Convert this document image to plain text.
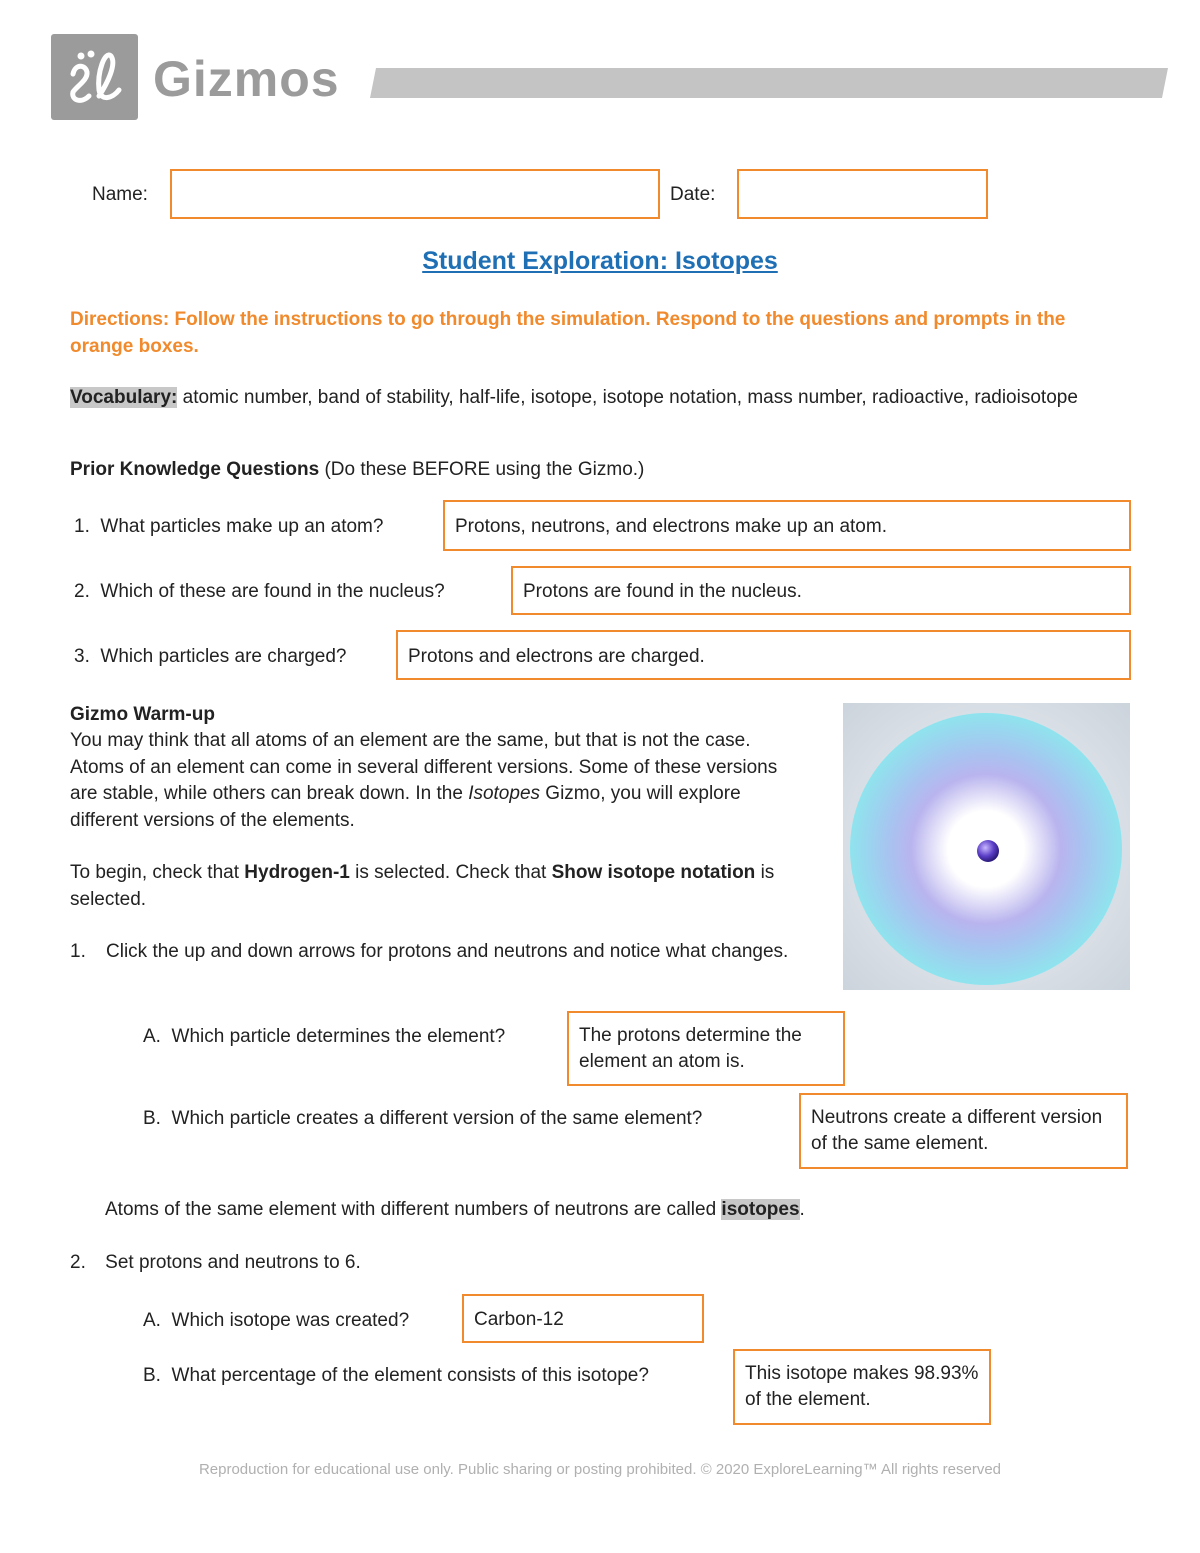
Gizmos
Name:	Date:
Student Exploration: Isotopes
Directions: Follow the instructions to go through the simulation. Respond to the questions and prompts in the orange boxes.
Vocabulary: atomic number, band of stability, half-life, isotope, isotope notation, mass number, radioactive, radioisotope
Prior Knowledge Questions (Do these BEFORE using the Gizmo.)
1. What particles make up an atom?	Protons, neutrons, and electrons make up an atom.
2. Which of these are found in the nucleus?	Protons are found in the nucleus.
3. Which particles are charged?	Protons and electrons are charged.
Gizmo Warm-up
You may think that all atoms of an element are the same, but that is not the case. Atoms of an element can come in several different versions. Some of these versions are stable, while others can break down. In the Isotopes Gizmo, you will explore different versions of the elements.
To begin, check that Hydrogen-1 is selected. Check that Show isotope notation is selected.
1. Click the up and down arrows for protons and neutrons and notice what changes.
A. Which particle determines the element?	The protons determine the element an atom is.
B. Which particle creates a different version of the same element?	Neutrons create a different version of the same element.
Atoms of the same element with different numbers of neutrons are called isotopes.
2. Set protons and neutrons to 6.
A. Which isotope was created?	Carbon-12
B. What percentage of the element consists of this isotope?	This isotope makes 98.93% of the element.
Reproduction for educational use only. Public sharing or posting prohibited. © 2020 ExploreLearning™ All rights reserved
